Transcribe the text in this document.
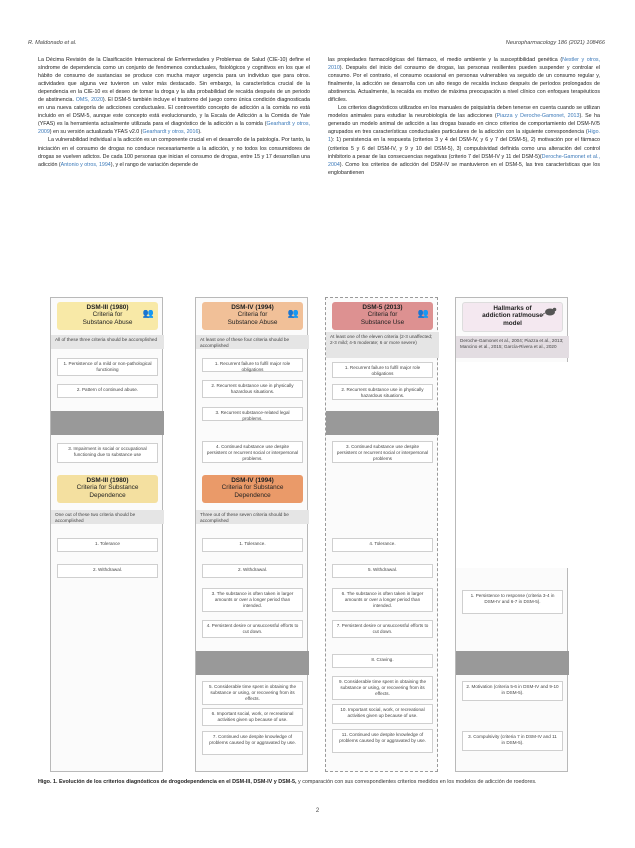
R. Maldonado et al.	Neuropharmacology 186 (2021) 108466

La Décima Revisión de la Clasificación Internacional de Enfermedades y Problemas de Salud (CIE-10) define el síndrome de dependencia como un conjunto de fenómenos conductuales, fisiológicos y cognitivos en los que el hábito de consumo de sustancias se produce con mucha mayor urgencia para un individuo que para otros. actividades que alguna vez tuvieron un valor más destacado. Sin embargo, la característica crucial de la dependencia en la CIE-10 es el deseo de tomar la droga y la alta probabilidad de recaída después de un periodo de abstinencia. OMS, 2020). El DSM-5 también incluye el trastorno del juego como única condición diagnosticada en una nueva categoría de adicciones conductuales. El controvertido concepto de adicción a la comida no está incluido en el DSM-5, aunque este concepto está evolucionando, y la Escala de Adicción a la Comida de Yale (YFAS) es la herramienta actualmente utilizada para el diagnóstico de la adicción a la comida (Gearhardt y otros, 2009) en su versión actualizada YFAS v2.0 (Gearhardt y otros, 2016).

La vulnerabilidad individual a la adicción es un componente crucial en el desarrollo de la patología. Por tanto, la iniciación en el consumo de drogas no conduce necesariamente a la adicción, y no todos los consumidores de drogas se vuelven adictos. De cada 100 personas que inician el consumo de drogas, entre 15 y 17 desarrollan una adicción (Antonio y otros, 1994), y el rango de variación depende de

las propiedades farmacológicas del fármaco, el medio ambiente y la susceptibilidad genética (Nestler y otros, 2010). Después del inicio del consumo de drogas, las personas resilientes pueden suspender y controlar el consumo. Por el contrario, el consumo ocasional en personas vulnerables va seguido de un consumo regular y, finalmente, la adicción se desarrolla con un alto riesgo de recaída incluso después de períodos prolongados de abstinencia. Actualmente, la recaída es motivo de máxima preocupación a nivel clínico con enfoques terapéuticos difíciles.

Los criterios diagnósticos utilizados en los manuales de psiquiatría deben tenerse en cuenta cuando se utilizan modelos animales para estudiar la neurobiología de las adicciones (Piazza y Deroche-Gamonet, 2013). Se ha generado un modelo animal de adicción a las drogas basado en cinco criterios de comportamiento del DSM-IV/5 agrupados en tres características conductuales particulares de la adicción con la siguiente correspondencia (Higo. 1): 1) persistencia en la respuesta (criterios 3 y 4 del DSM-IV, y 6 y 7 del DSM-5), 2) motivación por el fármaco (criterios 5 y 6 del DSM-IV, y 9 y 10 del DSM-5), 3) compulsividad definida como una alteración del control inhibitorio a pesar de las consecuencias negativas (criterio 7 del DSM-IV y 11 del DSM-5)(Deroche-Gamonet et al., 2004). Como los criterios de adicción del DSM-IV se mantuvieron en el DSM-5, las tres características que los englobantienen

DSM-III (1980)
Criteria for
Substance Abuse
👥
All of these three criteria should be accomplished
1. Persistence of a mild or non-pathological functioning
2. Pattern of continued abuse.
3. Impairment in social or occupational functioning due to substance use
DSM-III (1980)
Criteria for Substance
Dependence
One out of these two criteria should be accomplished
1. Tolerance
2. Withdrawal.
DSM-IV (1994)
Criteria for
Substance Abuse
👥
At least one of these four criteria should be accomplished
1. Recurrent failure to fulfil major role obligations
2. Recurrent substance use in physically hazardous situations.
3. Recurrent substance-related legal problems.
4. Continued substance use despite persistent or recurrent social or interpersonal problems.
DSM-IV (1994)
Criteria for Substance
Dependence
Three out of these seven criteria should be accomplished
1. Tolerance.
2. Withdrawal.
3. The substance is often taken in larger amounts or over a longer period than intended.
4. Persistent desire or unsuccessful efforts to cut down.
5. Considerable time spent in obtaining the substance or using, or recovering from its effects.
6. Important social, work, or recreational activities given up because of use.
7. Continued use despite knowledge of problems caused by or aggravated by use.
DSM-5 (2013)
Criteria for
Substance Use
👥
At least one of the eleven criteria (2-3 unaffected; 2-3 mild; 4-5 moderate; 6 or more severe)
1. Recurrent failure to fulfil major role obligations
2. Recurrent substance use in physically hazardous situations.
3. Continued substance use despite persistent or recurrent social or interpersonal problems
4. Tolerance.
5. Withdrawal.
6. The substance is often taken in larger amounts or over a longer period than intended.
7. Persistent desire or unsuccessful efforts to cut down.
8. Craving.
9. Considerable time spent in obtaining the substance or using, or recovering from its effects.
10. Important social, work, or recreational activities given up because of use.
11. Continued use despite knowledge of problems caused by or aggravated by use.
Hallmarks of
addiction rat/mouse
model
Deroche-Gamonet et al., 2004; Piazza et al., 2013; Mancino et al., 2015; García-Rivera et al., 2020
1. Persistence to response (criteria 3-4 in DSM-IV and 6-7 in DSM-5).
2. Motivation (criteria 5-6 in DSM-IV and 9-10 in DSM-5).
3. Compulsivity (criteria 7 in DSM-IV and 11 in DSM-5).
Higo. 1. Evolución de los criterios diagnósticos de drogodependencia en el DSM-III, DSM-IV y DSM-5, y comparación con sus correspondientes criterios medidos en los modelos de adicción de roedores.
2
